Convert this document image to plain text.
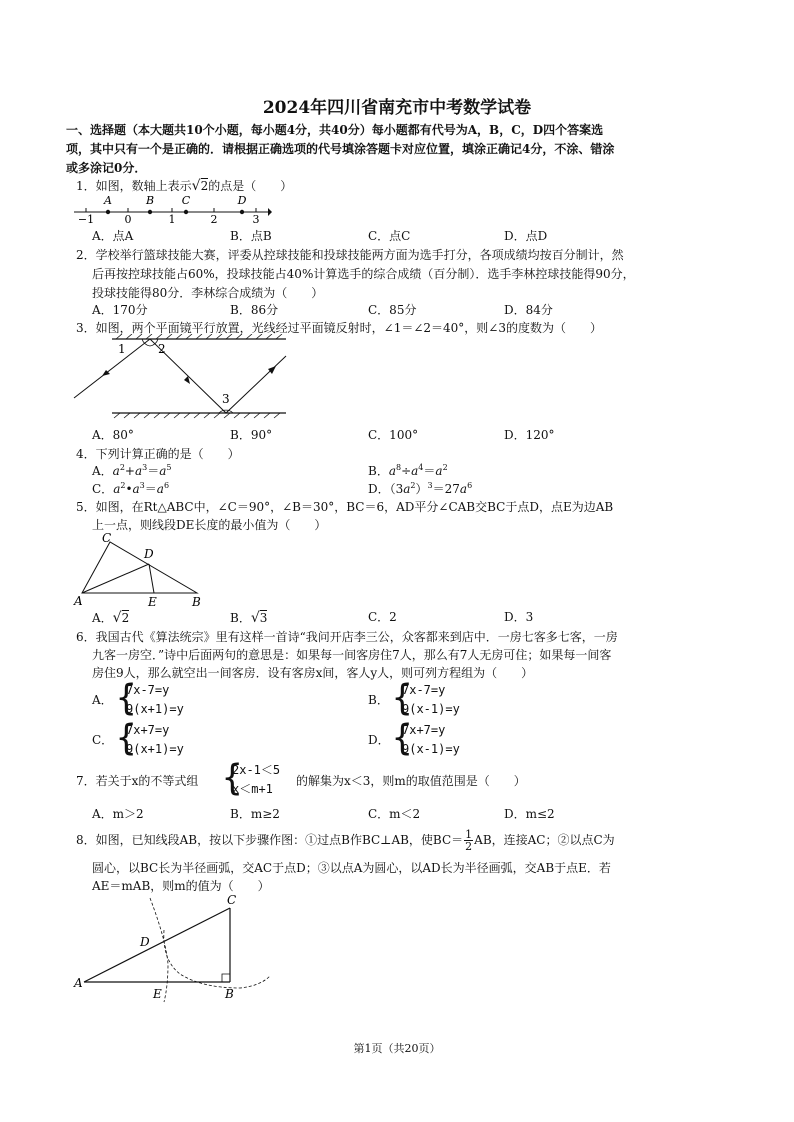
2024年四川省南充市中考数学试卷
一、选择题（本大题共10个小题，每小题4分，共40分）每小题都有代号为A，B，C，D四个答案选
项，其中只有一个是正确的．请根据正确选项的代号填涂答题卡对应位置，填涂正确记4分，不涂、错涂
或多涂记0分．
1．如图，数轴上表示√2的点是（　　）
A	B	C	D
−1	0	1	2	3
A．点A	B．点B	C．点C	D．点D
2．学校举行篮球技能大赛，评委从控球技能和投球技能两方面为选手打分，各项成绩均按百分制计，然
后再按控球技能占60%，投球技能占40%计算选手的综合成绩（百分制）．选手李林控球技能得90分，
投球技能得80分．李林综合成绩为（　　）
A．170分	B．86分	C．85分	D．84分
3．如图，两个平面镜平行放置，光线经过平面镜反射时，∠1＝∠2＝40°，则∠3的度数为（　　）
1	2
3
A．80°	B．90°	C．100°	D．120°
4．下列计算正确的是（　　）
A．$a^2+a^3=a^5$	B．$a^8\div a^4=a^2$
C．$a^2•a^3=a^6$	D．$(3a^2)^3=27a^6$
5．如图，在Rt△ABC中，∠C＝90°，∠B＝30°，BC＝6，AD平分∠CAB交BC于点D，点E为边AB
上一点，则线段DE长度的最小值为（　　）
C
D
A	E	B
A．√2	B．√3	C．2	D．3
6．我国古代《算法统宗》里有这样一首诗“我问开店李三公，众客都来到店中．一房七客多七客，一房
九客一房空．”诗中后面两句的意思是：如果每一间客房住7人，那么有7人无房可住；如果每一间客
房住9人，那么就空出一间客房．设有客房x间，客人y人，则可列方程组为（　　）
A． {
7x-7=y
9(x+1)=y
B． {
7x-7=y
9(x-1)=y
C． {
7x+7=y
9(x+1)=y
D． {
7x+7=y
9(x-1)=y
7．若关于x的不等式组 {
2x-1＜5
x＜m+1
的解集为x＜3，则m的取值范围是（　　）
A．m＞2	B．m≥2	C．m＜2	D．m≤2
8．如图，已知线段AB，按以下步骤作图：①过点B作BC⊥AB，使$BC= \frac{1}{2}$ AB，连接AC；②以点C为
圆心，以BC长为半径画弧，交AC于点D；③以点A为圆心，以AD长为半径画弧，交AB于点E．若
AE＝mAB，则m的值为（　　）
C
D
A
E	B
第1页（共20页）
